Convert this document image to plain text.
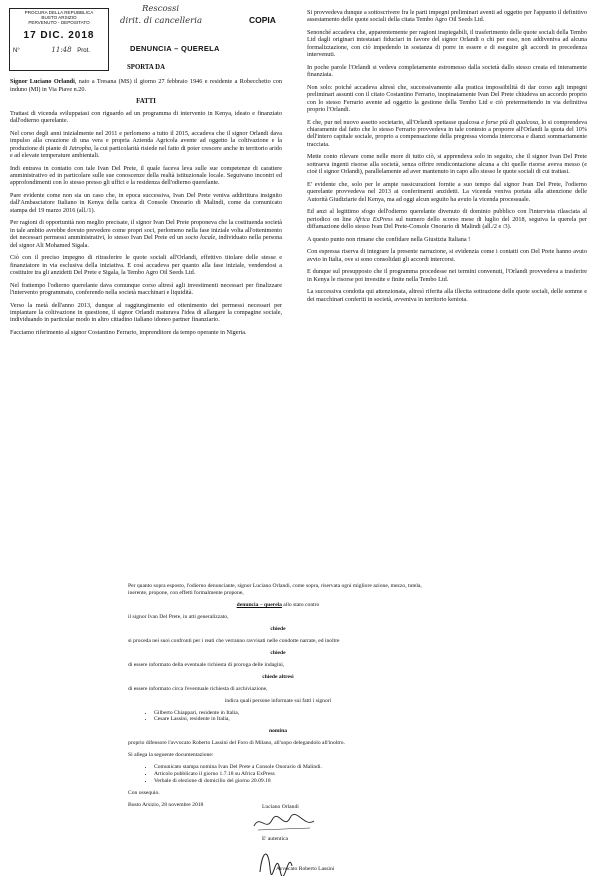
PROCURA DELLA REPUBBLICA
BUSTO ARSIZIO
PERVENUTO - DEPOSITATO
17 DIC. 2018
N°	11:48 Prot.
Rescossi
dirit. di cancelleria	COPIA
DENUNCIA – QUERELA

SPORTA DA

Signor Luciano Orlandi, nato a Tresana (MS) il giorno 27 febbraio 1946 e residente a Robecchetto con induno (MI) in Via Piave n.20.

FATTI

Trattasi di vicenda sviluppatasi con riguardo ad un programma di intervento in Kenya, ideato e finanziato dall'odierno querelante.

Nel corso degli anni inizialmente nel 2011 e perlomeno a tutto il 2015, accadeva che il signor Orlandi dava impulso alla creazione di una vera e propria Azienda Agricola avente ad oggetto la coltivazione e la produzione di piante di Jatropha, la cui particolarità risiede nel fatto di poter crescere anche in territorio arido e ad elevate temperature ambientali.

Indi entrava in contatto con tale Ivan Del Prete, il quale faceva leva sulle sue competenze di carattere amministrativo ed in particolare sulle sue conoscenze della realtà istituzionale locale. Seguivano incontri ed approfondimenti con lo stesso presso gli uffici e la residenza dell'odierno querelante.

Pare evidente come non sia un caso che, in epoca successiva, Ivan Del Prete veniva addirittura insignito dall'Ambasciatore Italiano in Kenya della carica di Console Onorario di Malindi, come da comunicato stampa del 19 marzo 2016 (all./1).

Per ragioni di opportunità non meglio precisate, il signor Ivan Del Prete proponeva che la costituenda società in tale ambito avrebbe dovuto prevedere come propri soci, perlomeno nella fase iniziale volta all'ottenimento dei necessari permessi amministrativi, lo stesso Ivan Del Prete ed un socio locale, individuato nella persona del signor Ali Mohamed Sigala.

Ciò con il preciso impegno di ritrasferire le quote sociali all'Orlandi, effettivo titolare delle stesse e finanziatore in via esclusiva della iniziativa. E così accadeva per quanto alla fase iniziale, vendendosi a costituire tra gli anzidetti Del Prete e Sigala, la Tembo Agro Oil Seeds Ltd.

Nel frattempo l'odierno querelante dava comunque corso altresì agli investimenti necessari per finalizzare l'intervento programmato, conferendo nella società macchinari e liquidità.

Verso la metà dell'anno 2013, dunque al raggiungimento ed ottenimento dei permessi necessari per impiantare la coltivazione in questione, il signor Orlandi maturava l'idea di allargare la compagine sociale, individuando in particular modo in altro cittadino italiano idoneo partner finanziario.

Facciamo riferimento al signor Costantino Ferrario, imprenditore da tempo operante in Nigeria.

Si provvedeva dunque a sottoscrivere fra le parti impegni preliminari aventi ad oggetto per l'appunto il definitivo assestamento delle quote sociali della citata Tembo Agro Oil Seeds Ltd.

Senonché accadeva che, apparentemente per ragioni inspiegabili, il trasferimento delle quote sociali della Tembo Ltd dagli originari intestatari fiduciari in favore del signor Orlandi o chi per esso, non addiveniva ad alcuna formalizzazione, con ciò impedendo in sostanza di porre in essere e di eseguire gli accordi in precedenza intervenuti.

In poche parole l'Orlandi si vedeva completamente estromesso dalla società dallo stesso creata ed interamente finanziata.

Non solo: poiché accadeva altresì che, successivamente alla pratica impossibilità di dar corso agli impegni preliminari assunti con il citato Costantino Ferrario, inopinatamente Ivan Del Prete chiudeva un accordo proprio con lo stesso Ferrario avente ad oggetto la gestione della Tembo Ltd e ciò pretermettendo in via definitiva proprio l'Orlandi.

E che, pur nel nuovo assetto societario, all'Orlandi spettasse qualcosa e forse più di qualcosa, lo si comprendeva chiaramente dal fatto che lo stesso Ferrario provvedeva in tale contesto a proporre all'Orlandi la quota del 10% dell'intero capitale sociale, proprio a compensazione della pregressa vicenda intercorsa e dianzi sommariamente tracciata.

Mette conto rilevare come nelle more di tutto ciò, si apprendeva solo in seguito, che il signor Ivan Del Prete sottraeva ingenti risorse alla società, senza offrire rendicontazione alcuna a chi quelle risorse aveva messo (e cioè il signor Orlandi), parallelamente ad aver mantenuto in capo allo stesso le quote sociali di cui trattasi.

E' evidente che, solo per le ampie rassicurazioni fornite a suo tempo dal signor Ivan Del Prete, l'odierno querelante provvedeva nel 2013 ai conferimenti anzidetti. La vicenda veniva portata alla attenzione delle Autorità Giudiziarie del Kenya, ma ad oggi alcun seguito ha avuto la vicenda processuale.

Ed anzi al legittimo sfogo dell'odierno querelante divenuto di dominio pubblico con l'intervista rilasciata al periodico on line Africa ExPress sul numero dello scorso mese di luglio del 2018, seguiva la querela per diffamazione dello stesso Ivan Del Prete-Console Onorario di Malindi (all./2 e /3).

A questo punto non rimane che confidare nella Giustizia Italiana !

Con espressa riserva di integrare la presente narrazione, si evidenzia come i contatti con Del Prete hanno avuto avvio in Italia, ove si sono consolidati gli accordi intercorsi.

E dunque sul presupposto che il programma procedesse nei termini convenuti, l'Orlandi provvedeva a trasferire in Kenya le risorse poi investite e finite nella Tembo Ltd.

La successiva condotta qui attenzionata, altresì riferita alla illecita sottrazione delle quote sociali, delle somme e dei macchinari conferiti in società, avveniva in territorio keniota.

Per quanto sopra esposto, l'odierno denunciante, signor Luciano Orlandi, come sopra, riservata ogni migliore azione, mezzo, tutela, inerente, propone, con effetti formalmente propone,

denuncia – querela allo stato contro

il signor Ivan Del Prete, in atti generalizzato,

chiede

si proceda nei suoi confronti per i reati che verranno ravvisati nelle condotte narrate, ed inoltre

chiede

di essere informato della eventuale richiesta di proroga delle indagini,

chiede altresì

di essere informato circa l'eventuale richiesta di archiviazione,

indica quali persone informate sui fatti i signori

• Gilberto Chiappari, residente in Italia,
• Cesare Lassini, residente in Italia,

nomina

proprio difensore l'avvocato Roberto Lassini del Foro di Milano, all'uopo delegandolo all'inoltro.

Si allega la seguente documentazione:

• Comunicato stampa nomina Ivan Del Prete a Console Onorario di Malindi.
• Articolo pubblicato il giorno 1.7.18 su Africa ExPress
• Verbale di elezione di domicilio del giorno 20.09.18

Con ossequio.

Busto Arsizio, 28 novembre 2018	Luciano Orlandi
E' autentica
Avvocato Roberto Lassini
